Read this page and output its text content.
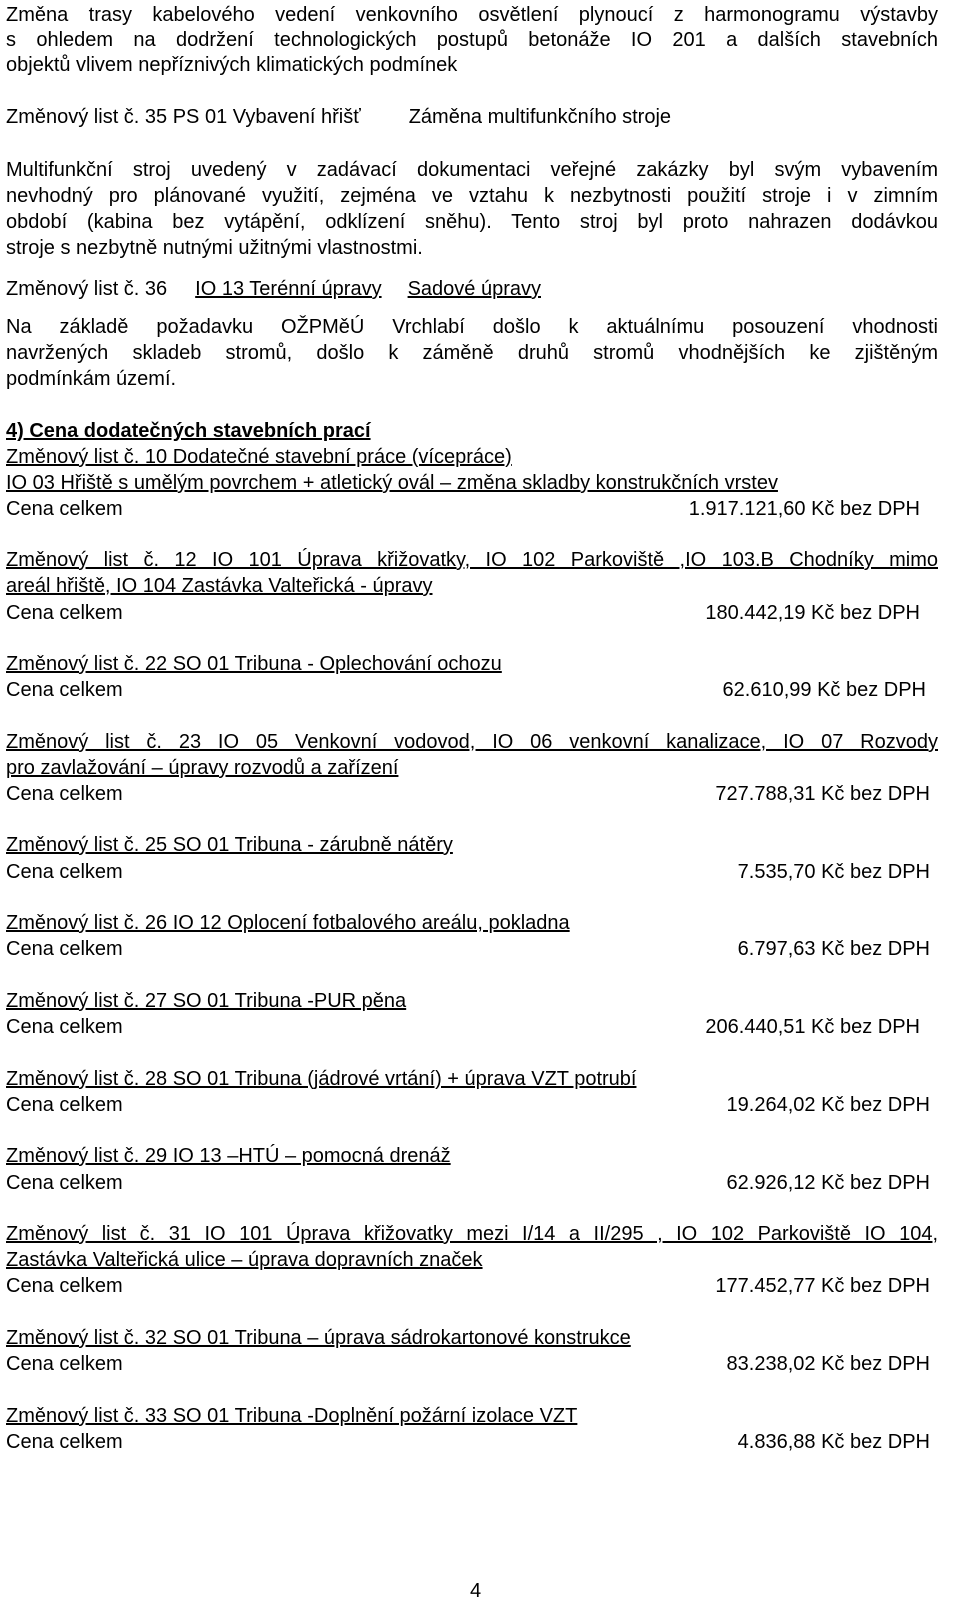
Změna trasy kabelového vedení venkovního osvětlení plynoucí z harmonogramu výstavby
s ohledem na dodržení technologických postupů betonáže IO 201 a dalších stavebních
objektů vlivem nepříznivých klimatických podmínek
Změnový list č. 35 PS 01 Vybavení hřišť Záměna multifunkčního stroje
Multifunkční stroj uvedený v zadávací dokumentaci veřejné zakázky byl svým vybavením
nevhodný pro plánované využití, zejména ve vztahu k nezbytnosti použití stroje i v zimním
období (kabina bez vytápění, odklízení sněhu). Tento stroj byl proto nahrazen dodávkou
stroje s nezbytně nutnými užitnými vlastnostmi.
Změnový list č. 36 IO 13 Terénní úpravy Sadové úpravy
Na základě požadavku OŽPMěÚ Vrchlabí došlo k aktuálnímu posouzení vhodnosti
navržených skladeb stromů, došlo k záměně druhů stromů vhodnějších ke zjištěným
podmínkám území.
4) Cena dodatečných stavebních prací
Změnový list č. 10 Dodatečné stavební práce (vícepráce)
IO 03 Hřiště s umělým povrchem + atletický ovál – změna skladby konstrukčních vrstev
Cena celkem	1.917.121,60 Kč bez DPH
Změnový list č. 12 IO 101 Úprava křižovatky, IO 102 Parkoviště ,IO 103.B Chodníky mimo
areál hřiště, IO 104 Zastávka Valteřická - úpravy
Cena celkem	180.442,19 Kč bez DPH
Změnový list č. 22 SO 01 Tribuna - Oplechování ochozu
Cena celkem	62.610,99 Kč bez DPH
Změnový list č. 23 IO 05 Venkovní vodovod, IO 06 venkovní kanalizace, IO 07 Rozvody
pro zavlažování – úpravy rozvodů a zařízení
Cena celkem	727.788,31 Kč bez DPH
Změnový list č. 25 SO 01 Tribuna - zárubně nátěry
Cena celkem	7.535,70 Kč bez DPH
Změnový list č. 26 IO 12 Oplocení fotbalového areálu, pokladna
Cena celkem	6.797,63 Kč bez DPH
Změnový list č. 27 SO 01 Tribuna -PUR pěna
Cena celkem	206.440,51 Kč bez DPH
Změnový list č. 28 SO 01 Tribuna (jádrové vrtání) + úprava VZT potrubí
Cena celkem	19.264,02 Kč bez DPH
Změnový list č. 29 IO 13 –HTÚ – pomocná drenáž
Cena celkem	62.926,12 Kč bez DPH
Změnový list č. 31 IO 101 Úprava křižovatky mezi I/14 a II/295 , IO 102 Parkoviště IO 104,
Zastávka Valteřická ulice – úprava dopravních značek
Cena celkem	177.452,77 Kč bez DPH
Změnový list č. 32 SO 01 Tribuna – úprava sádrokartonové konstrukce
Cena celkem	83.238,02 Kč bez DPH
Změnový list č. 33 SO 01 Tribuna -Doplnění požární izolace VZT
Cena celkem	4.836,88 Kč bez DPH
4
